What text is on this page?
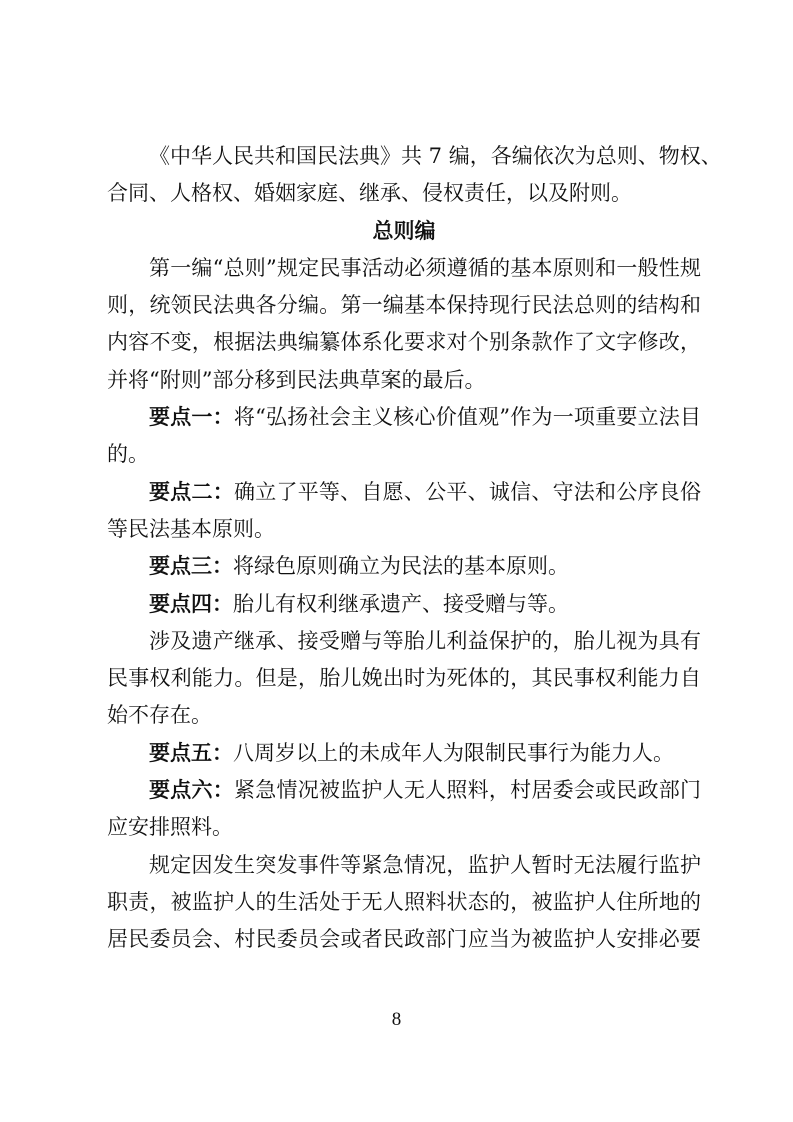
《中华人民共和国民法典》共 7 编，各编依次为总则、物权、
合同、人格权、婚姻家庭、继承、侵权责任，以及附则。
总则编
第一编“总则”规定民事活动必须遵循的基本原则和一般性规
则，统领民法典各分编。第一编基本保持现行民法总则的结构和
内容不变，根据法典编纂体系化要求对个别条款作了文字修改，
并将“附则”部分移到民法典草案的最后。
要点一：将“弘扬社会主义核心价值观”作为一项重要立法目
的。
要点二：确立了平等、自愿、公平、诚信、守法和公序良俗
等民法基本原则。
要点三：将绿色原则确立为民法的基本原则。
要点四：胎儿有权利继承遗产、接受赠与等。
涉及遗产继承、接受赠与等胎儿利益保护的，胎儿视为具有
民事权利能力。但是，胎儿娩出时为死体的，其民事权利能力自
始不存在。
要点五：八周岁以上的未成年人为限制民事行为能力人。
要点六：紧急情况被监护人无人照料，村居委会或民政部门
应安排照料。
规定因发生突发事件等紧急情况，监护人暂时无法履行监护
职责，被监护人的生活处于无人照料状态的，被监护人住所地的
居民委员会、村民委员会或者民政部门应当为被监护人安排必要
8
